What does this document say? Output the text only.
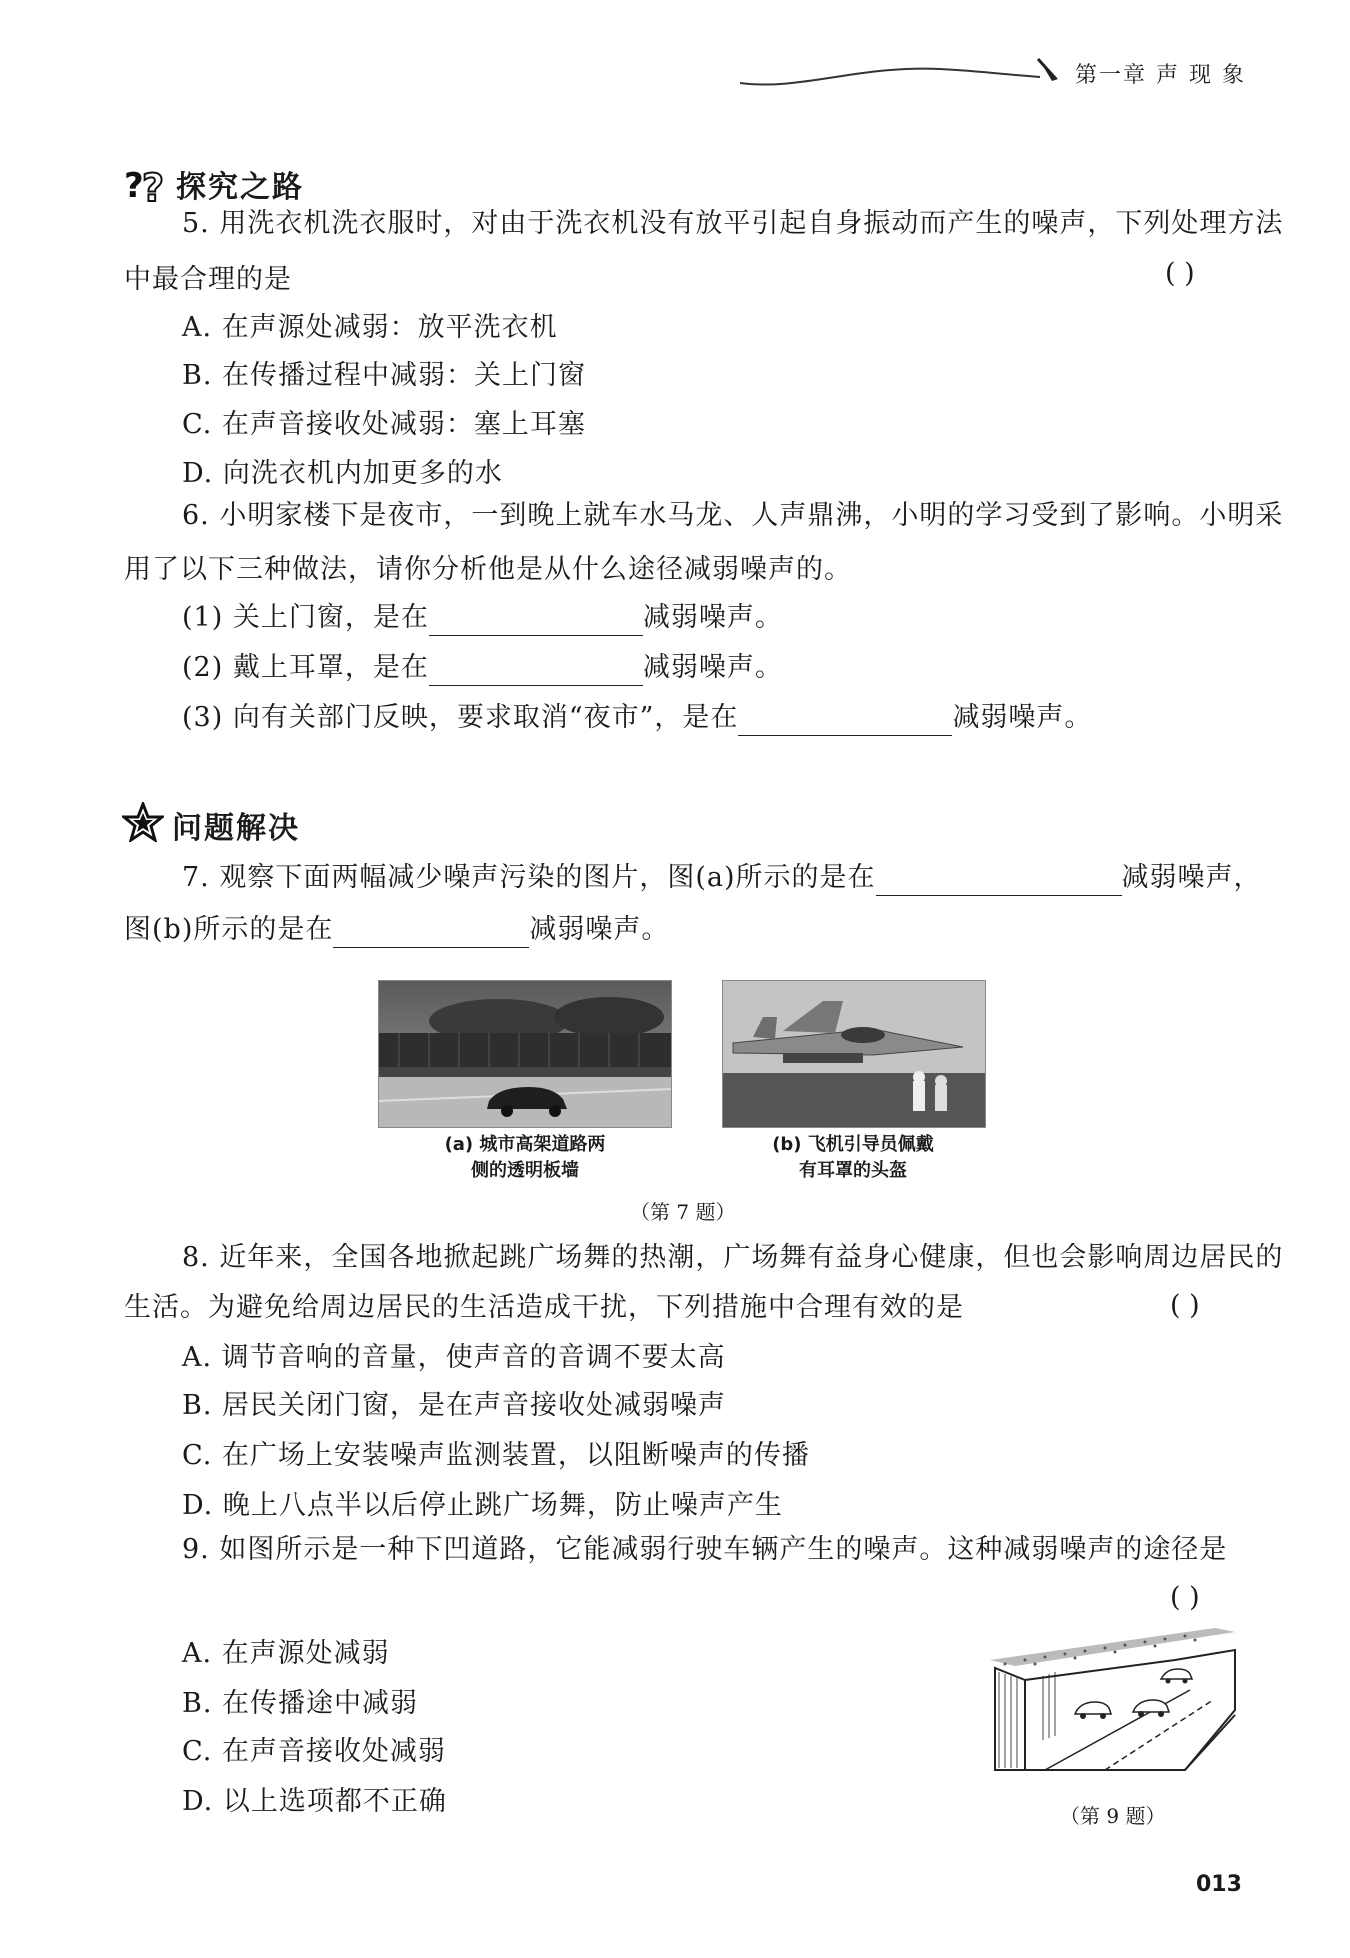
第一章 声 现 象
?
? 探究之路
5. 用洗衣机洗衣服时，对由于洗衣机没有放平引起自身振动而产生的噪声，下列处理方法
中最合理的是	( )
A. 在声源处减弱：放平洗衣机
B. 在传播过程中减弱：关上门窗
C. 在声音接收处减弱：塞上耳塞
D. 向洗衣机内加更多的水
6. 小明家楼下是夜市，一到晚上就车水马龙、人声鼎沸，小明的学习受到了影响。小明采
用了以下三种做法，请你分析他是从什么途径减弱噪声的。
(1) 关上门窗，是在	减弱噪声。
(2) 戴上耳罩，是在	减弱噪声。
(3) 向有关部门反映，要求取消“夜市”，是在	减弱噪声。
问题解决
7. 观察下面两幅减少噪声污染的图片，图(a)所示的是在	减弱噪声，
图(b)所示的是在	减弱噪声。
(a) 城市高架道路两
侧的透明板墙
(b) 飞机引导员佩戴
有耳罩的头盔
（第 7 题）
8. 近年来，全国各地掀起跳广场舞的热潮，广场舞有益身心健康，但也会影响周边居民的
生活。为避免给周边居民的生活造成干扰，下列措施中合理有效的是	( )
A. 调节音响的音量，使声音的音调不要太高
B. 居民关闭门窗，是在声音接收处减弱噪声
C. 在广场上安装噪声监测装置，以阻断噪声的传播
D. 晚上八点半以后停止跳广场舞，防止噪声产生
9. 如图所示是一种下凹道路，它能减弱行驶车辆产生的噪声。这种减弱噪声的途径是
( )
A. 在声源处减弱
B. 在传播途中减弱
C. 在声音接收处减弱
D. 以上选项都不正确	（第 9 题）
013
